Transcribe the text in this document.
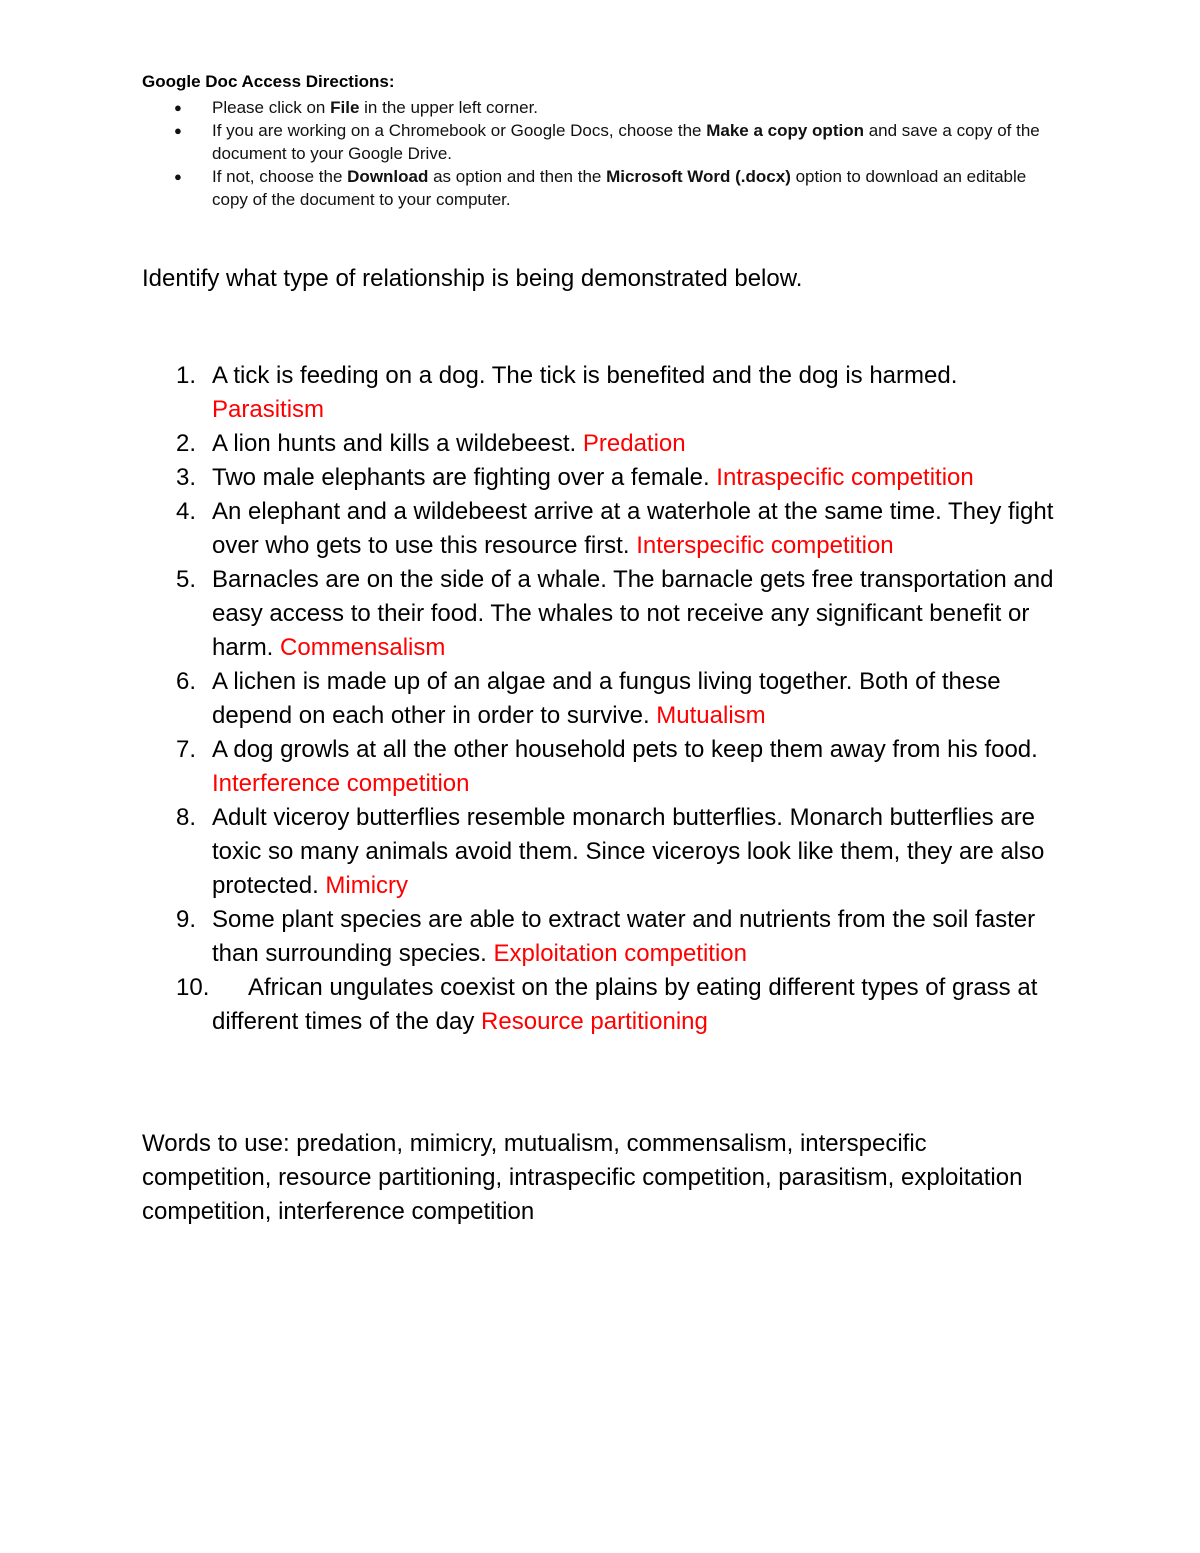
Google Doc Access Directions:

● Please click on File in the upper left corner.
● If you are working on a Chromebook or Google Docs, choose the Make a copy option and save a copy of the document to your Google Drive.
● If not, choose the Download as option and then the Microsoft Word (.docx) option to download an editable copy of the document to your computer.

Identify what type of relationship is being demonstrated below.

1. A tick is feeding on a dog. The tick is benefited and the dog is harmed. Parasitism
2. A lion hunts and kills a wildebeest. Predation
3. Two male elephants are fighting over a female. Intraspecific competition
4. An elephant and a wildebeest arrive at a waterhole at the same time. They fight over who gets to use this resource first. Interspecific competition
5. Barnacles are on the side of a whale. The barnacle gets free transportation and easy access to their food. The whales to not receive any significant benefit or harm. Commensalism
6. A lichen is made up of an algae and a fungus living together. Both of these depend on each other in order to survive. Mutualism
7. A dog growls at all the other household pets to keep them away from his food. Interference competition
8. Adult viceroy butterflies resemble monarch butterflies. Monarch butterflies are toxic so many animals avoid them. Since viceroys look like them, they are also protected. Mimicry
9. Some plant species are able to extract water and nutrients from the soil faster than surrounding species. Exploitation competition
10.	African ungulates coexist on the plains by eating different types of grass at different times of the day Resource partitioning

Words to use: predation, mimicry, mutualism, commensalism, interspecific competition, resource partitioning, intraspecific competition, parasitism, exploitation competition, interference competition
